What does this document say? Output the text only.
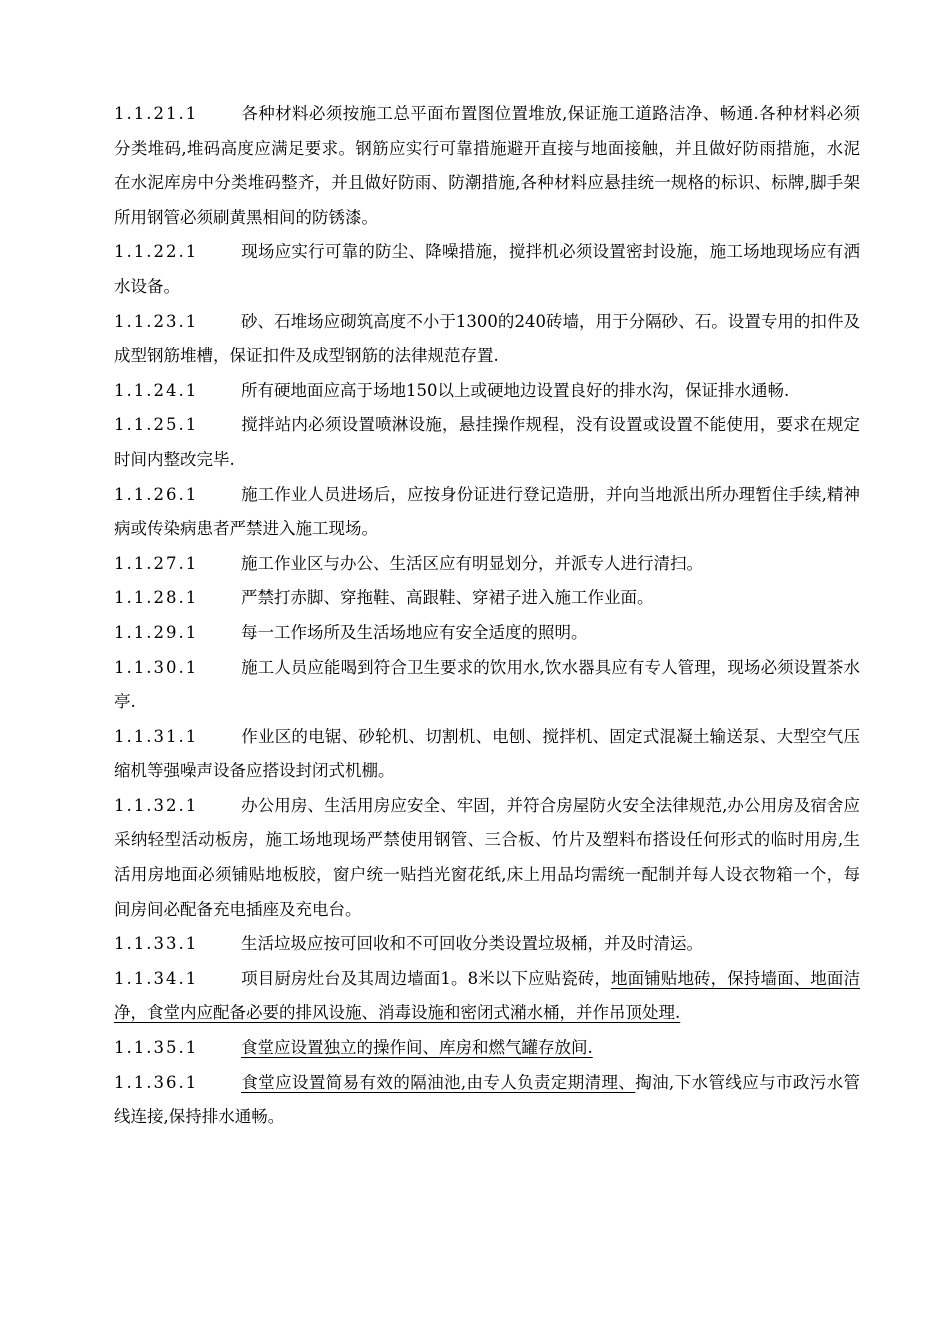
1.1.21.1	各种材料必须按施工总平面布置图位置堆放,保证施工道路洁净、畅通.各种材料必须分类堆码,堆码高度应满足要求。钢筋应实行可靠措施避开直接与地面接触，并且做好防雨措施，水泥在水泥库房中分类堆码整齐，并且做好防雨、防潮措施,各种材料应悬挂统一规格的标识、标牌,脚手架所用钢管必须刷黄黑相间的防锈漆。

1.1.22.1	现场应实行可靠的防尘、降噪措施，搅拌机必须设置密封设施，施工场地现场应有洒水设备。

1.1.23.1	砂、石堆场应砌筑高度不小于1300的240砖墙，用于分隔砂、石。设置专用的扣件及成型钢筋堆槽，保证扣件及成型钢筋的法律规范存置.

1.1.24.1	所有硬地面应高于场地150以上或硬地边设置良好的排水沟，保证排水通畅.

1.1.25.1	搅拌站内必须设置喷淋设施，悬挂操作规程，没有设置或设置不能使用，要求在规定时间内整改完毕.

1.1.26.1	施工作业人员进场后，应按身份证进行登记造册，并向当地派出所办理暂住手续,精神病或传染病患者严禁进入施工现场。

1.1.27.1	施工作业区与办公、生活区应有明显划分，并派专人进行清扫。

1.1.28.1	严禁打赤脚、穿拖鞋、高跟鞋、穿裙子进入施工作业面。

1.1.29.1	每一工作场所及生活场地应有安全适度的照明。

1.1.30.1	施工人员应能喝到符合卫生要求的饮用水,饮水器具应有专人管理，现场必须设置茶水亭.

1.1.31.1	作业区的电锯、砂轮机、切割机、电刨、搅拌机、固定式混凝土输送泵、大型空气压缩机等强噪声设备应搭设封闭式机棚。

1.1.32.1	办公用房、生活用房应安全、牢固，并符合房屋防火安全法律规范,办公用房及宿舍应采纳轻型活动板房，施工场地现场严禁使用钢管、三合板、竹片及塑料布搭设任何形式的临时用房,生活用房地面必须铺贴地板胶，窗户统一贴挡光窗花纸,床上用品均需统一配制并每人设衣物箱一个，每间房间必配备充电插座及充电台。

1.1.33.1	生活垃圾应按可回收和不可回收分类设置垃圾桶，并及时清运。

1.1.34.1	项目厨房灶台及其周边墙面1。8米以下应贴瓷砖，地面铺贴地砖，保持墙面、地面洁净，食堂内应配备必要的排风设施、消毒设施和密闭式潲水桶，并作吊顶处理.

1.1.35.1	食堂应设置独立的操作间、库房和燃气罐存放间.

1.1.36.1	食堂应设置简易有效的隔油池,由专人负责定期清理、掏油,下水管线应与市政污水管线连接,保持排水通畅。
